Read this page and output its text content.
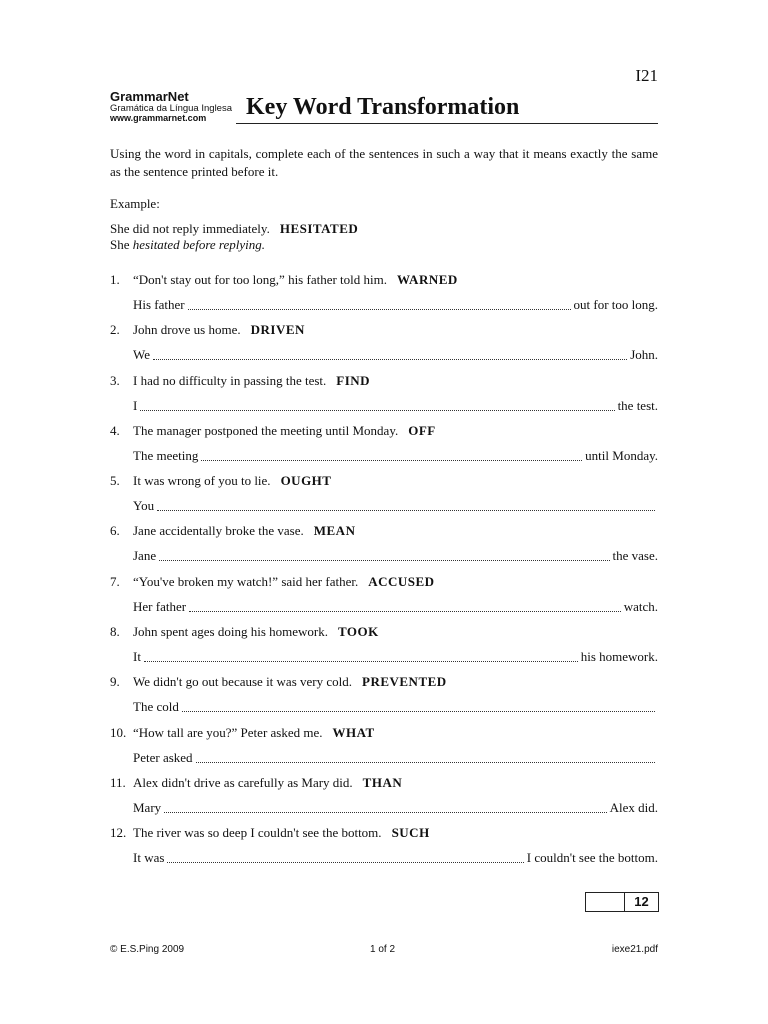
I21
GrammarNet
Gramática da Língua Inglesa
www.grammarnet.com	Key Word Transformation
Using the word in capitals, complete each of the sentences in such a way that it means exactly the same as the sentence printed before it.
Example:
She did not reply immediately. HESITATED
She hesitated before replying.
1. “Don't stay out for too long,” his father told him. WARNED
His father	out for too long.
2. John drove us home. DRIVEN
We	John.
3. I had no difficulty in passing the test. FIND
I	the test.
4. The manager postponed the meeting until Monday. OFF
The meeting	until Monday.
5. It was wrong of you to lie. OUGHT
You
6. Jane accidentally broke the vase. MEAN
Jane	the vase.
7. “You've broken my watch!” said her father. ACCUSED
Her father	watch.
8. John spent ages doing his homework. TOOK
It	his homework.
9. We didn't go out because it was very cold. PREVENTED
The cold
10. “How tall are you?” Peter asked me. WHAT
Peter asked
11. Alex didn't drive as carefully as Mary did. THAN
Mary	Alex did.
12. The river was so deep I couldn't see the bottom. SUCH
It was	I couldn't see the bottom.
12
© E.S.Ping 2009	1 of 2	iexe21.pdf
